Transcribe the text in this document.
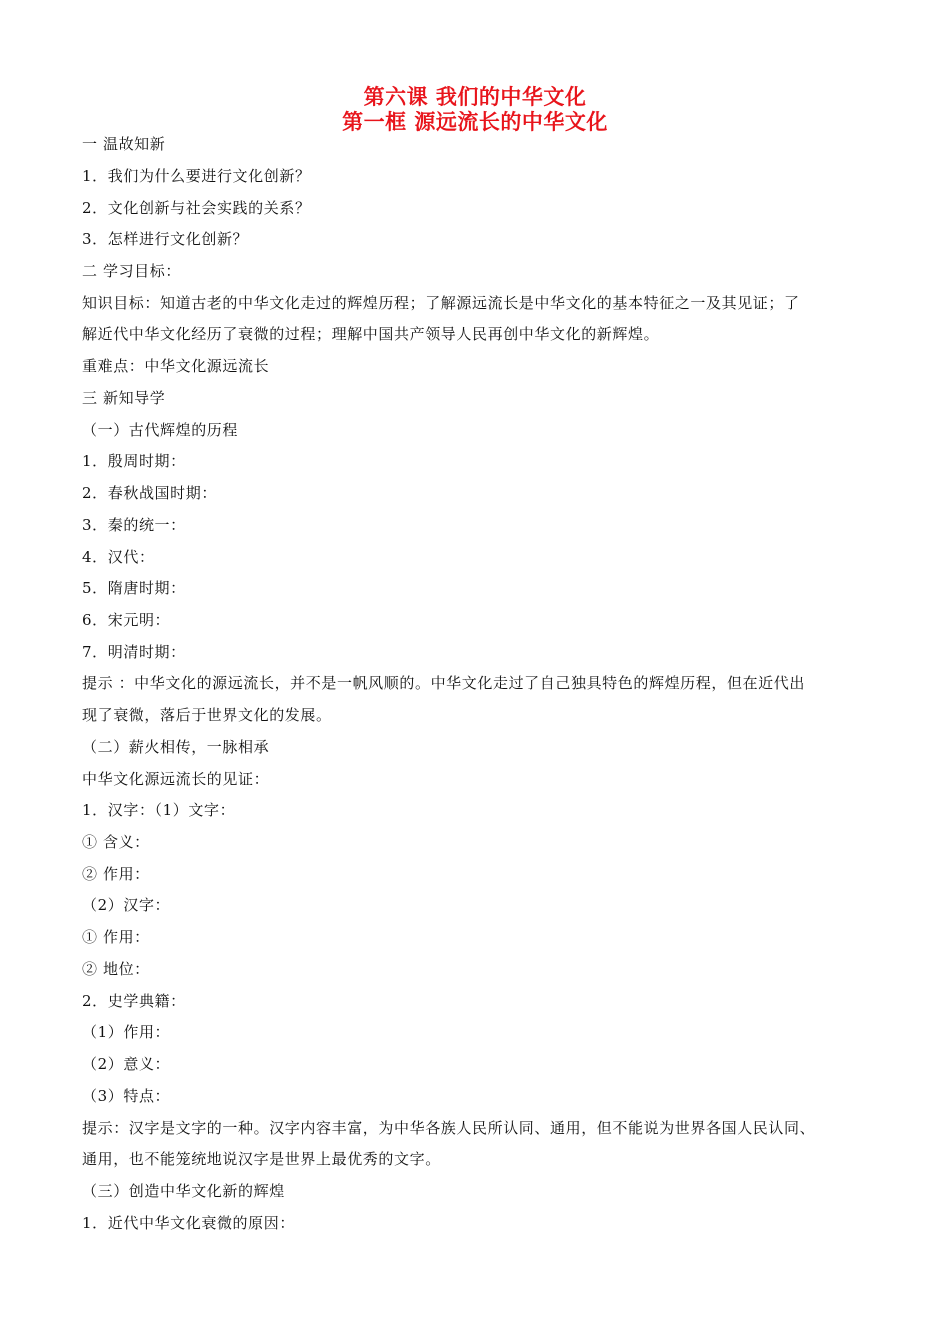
第六课 我们的中华文化
第一框 源远流长的中华文化
一 温故知新
1．我们为什么要进行文化创新？
2．文化创新与社会实践的关系？
3．怎样进行文化创新？
二 学习目标：
知识目标：知道古老的中华文化走过的辉煌历程；了解源远流长是中华文化的基本特征之一及其见证；了
解近代中华文化经历了衰微的过程；理解中国共产领导人民再创中华文化的新辉煌。
重难点：中华文化源远流长
三 新知导学
（一）古代辉煌的历程
1．殷周时期：
2．春秋战国时期：
3．秦的统一：
4．汉代：
5．隋唐时期：
6．宋元明：
7．明清时期：
提示 ：中华文化的源远流长，并不是一帆风顺的。中华文化走过了自己独具特色的辉煌历程，但在近代出
现了衰微，落后于世界文化的发展。
（二）薪火相传，一脉相承
中华文化源远流长的见证：
1．汉字：（1）文字：
① 含义：
② 作用：
（2）汉字：
① 作用：
② 地位：
2．史学典籍：
（1）作用：
（2）意义：
（3）特点：
提示：汉字是文字的一种。汉字内容丰富，为中华各族人民所认同、通用，但不能说为世界各国人民认同、
通用，也不能笼统地说汉字是世界上最优秀的文字。
（三）创造中华文化新的辉煌
1．近代中华文化衰微的原因：
